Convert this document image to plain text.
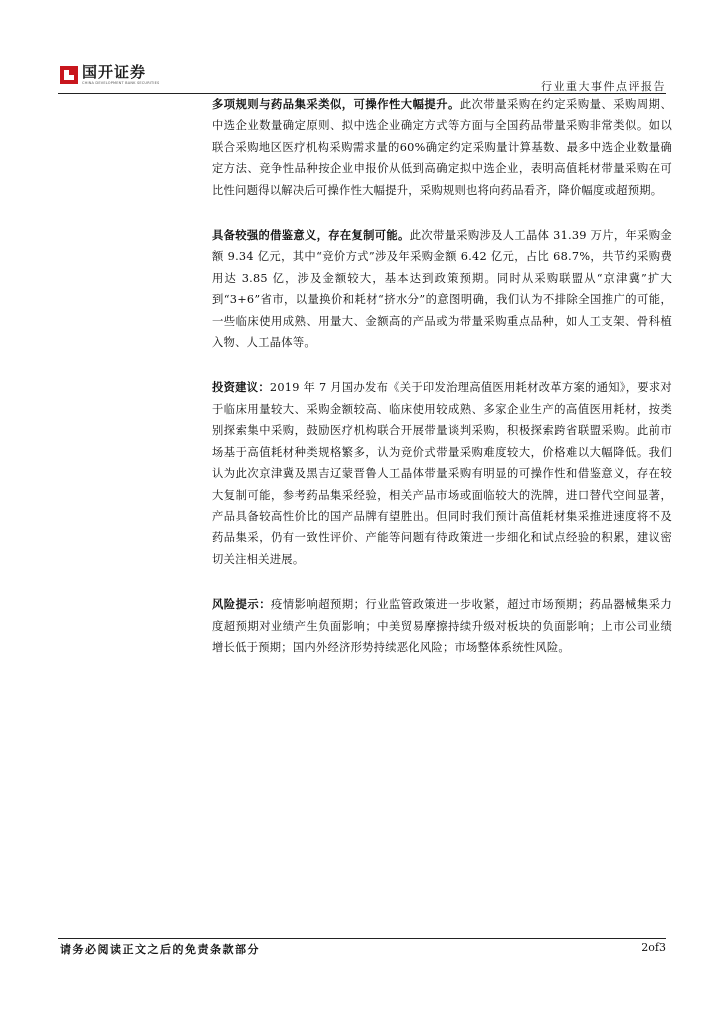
国开证券
CHINA DEVELOPMENT BANK SECURITIES	行业重大事件点评报告

多项规则与药品集采类似，可操作性大幅提升。此次带量采购在约定采购量、采购周期、中选企业数量确定原则、拟中选企业确定方式等方面与全国药品带量采购非常类似。如以联合采购地区医疗机构采购需求量的60%确定约定采购量计算基数、最多中选企业数量确定方法、竞争性品种按企业申报价从低到高确定拟中选企业，表明高值耗材带量采购在可比性问题得以解决后可操作性大幅提升，采购规则也将向药品看齐，降价幅度或超预期。

具备较强的借鉴意义，存在复制可能。此次带量采购涉及人工晶体 31.39 万片，年采购金额 9.34 亿元，其中“竞价方式”涉及年采购金额 6.42 亿元，占比 68.7%，共节约采购费用达 3.85 亿，涉及金额较大，基本达到政策预期。同时从采购联盟从“京津冀”扩大到“3+6”省市，以量换价和耗材“挤水分”的意图明确，我们认为不排除全国推广的可能，一些临床使用成熟、用量大、金额高的产品或为带量采购重点品种，如人工支架、骨科植入物、人工晶体等。

投资建议：2019 年 7 月国办发布《关于印发治理高值医用耗材改革方案的通知》，要求对于临床用量较大、采购金额较高、临床使用较成熟、多家企业生产的高值医用耗材，按类别探索集中采购，鼓励医疗机构联合开展带量谈判采购，积极探索跨省联盟采购。此前市场基于高值耗材种类规格繁多，认为竞价式带量采购难度较大，价格难以大幅降低。我们认为此次京津冀及黑吉辽蒙晋鲁人工晶体带量采购有明显的可操作性和借鉴意义，存在较大复制可能，参考药品集采经验，相关产品市场或面临较大的洗牌，进口替代空间显著，产品具备较高性价比的国产品牌有望胜出。但同时我们预计高值耗材集采推进速度将不及药品集采，仍有一致性评价、产能等问题有待政策进一步细化和试点经验的积累，建议密切关注相关进展。

风险提示：疫情影响超预期；行业监管政策进一步收紧，超过市场预期；药品器械集采力度超预期对业绩产生负面影响；中美贸易摩擦持续升级对板块的负面影响；上市公司业绩增长低于预期；国内外经济形势持续恶化风险；市场整体系统性风险。

请务必阅读正文之后的免责条款部分	2of3
